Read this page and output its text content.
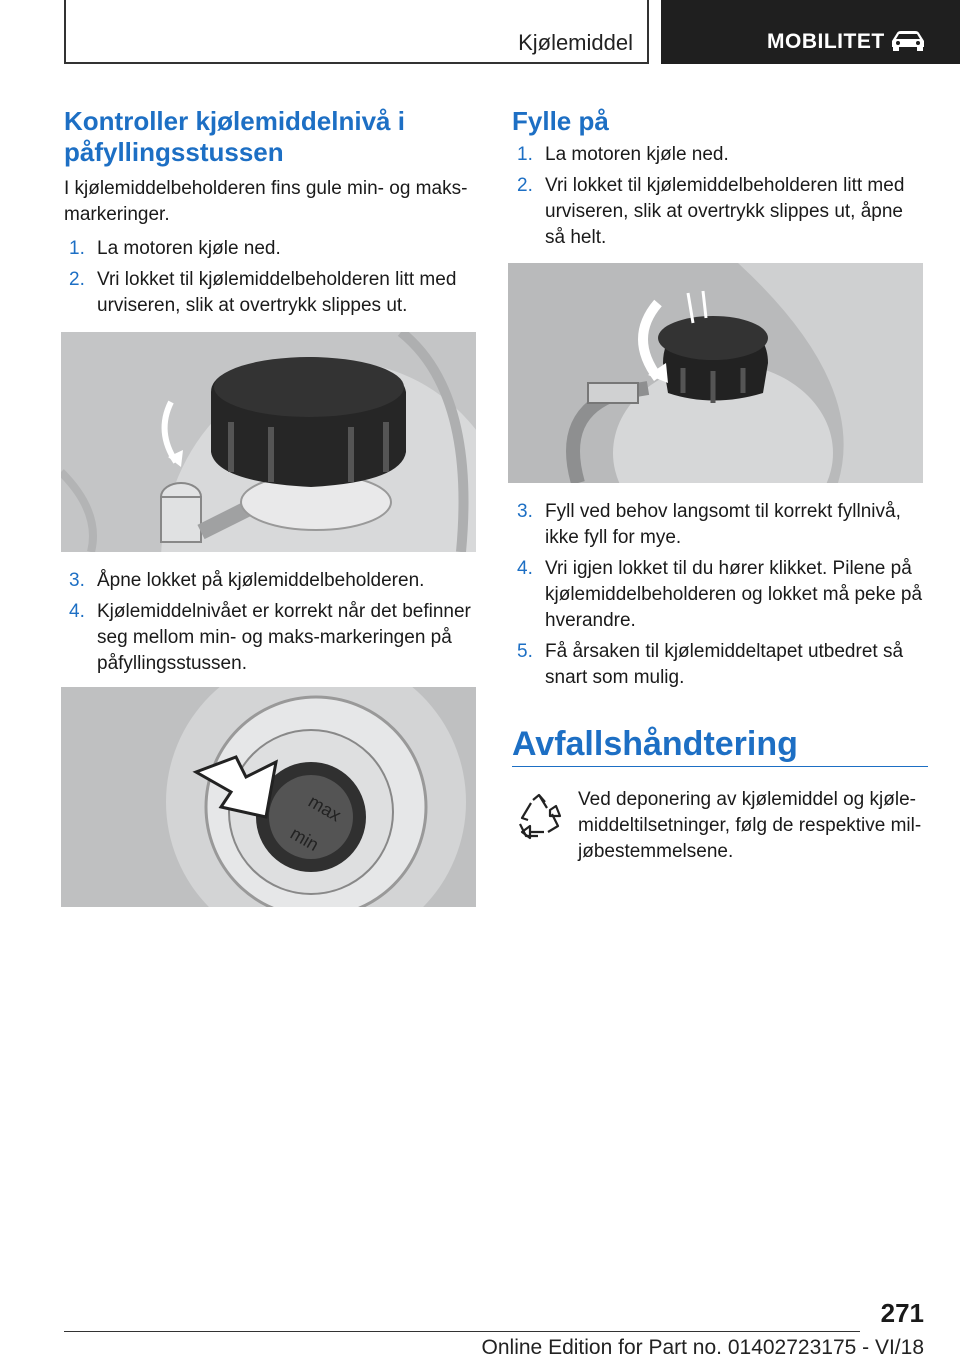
Kjølemiddel	MOBILITET
Kontroller kjølemiddelnivå i påfyllingsstussen

I kjølemiddelbeholderen fins gule min- og maks-markeringer.

1. La motoren kjøle ned.
2. Vri lokket til kjølemiddelbeholderen litt med urviseren, slik at overtrykk slippes ut.
3. Åpne lokket på kjølemiddelbeholderen.
4. Kjølemiddelnivået er korrekt når det befinner seg mellom min- og maks-markeringen på påfyllingsstussen.
max
min
Fylle på
1. La motoren kjøle ned.
2. Vri lokket til kjølemiddelbeholderen litt med urviseren, slik at overtrykk slippes ut, åpne så helt.
3. Fyll ved behov langsomt til korrekt fyllnivå, ikke fyll for mye.
4. Vri igjen lokket til du hører klikket. Pilene på kjølemiddelbeholderen og lokket må peke på hverandre.
5. Få årsaken til kjølemiddeltapet utbedret så snart som mulig.
Avfallshåndtering

Ved deponering av kjølemiddel og kjøle-middeltilsetninger, følg de respektive mil-jøbestemmelsene.

271
Online Edition for Part no. 01402723175 - VI/18
